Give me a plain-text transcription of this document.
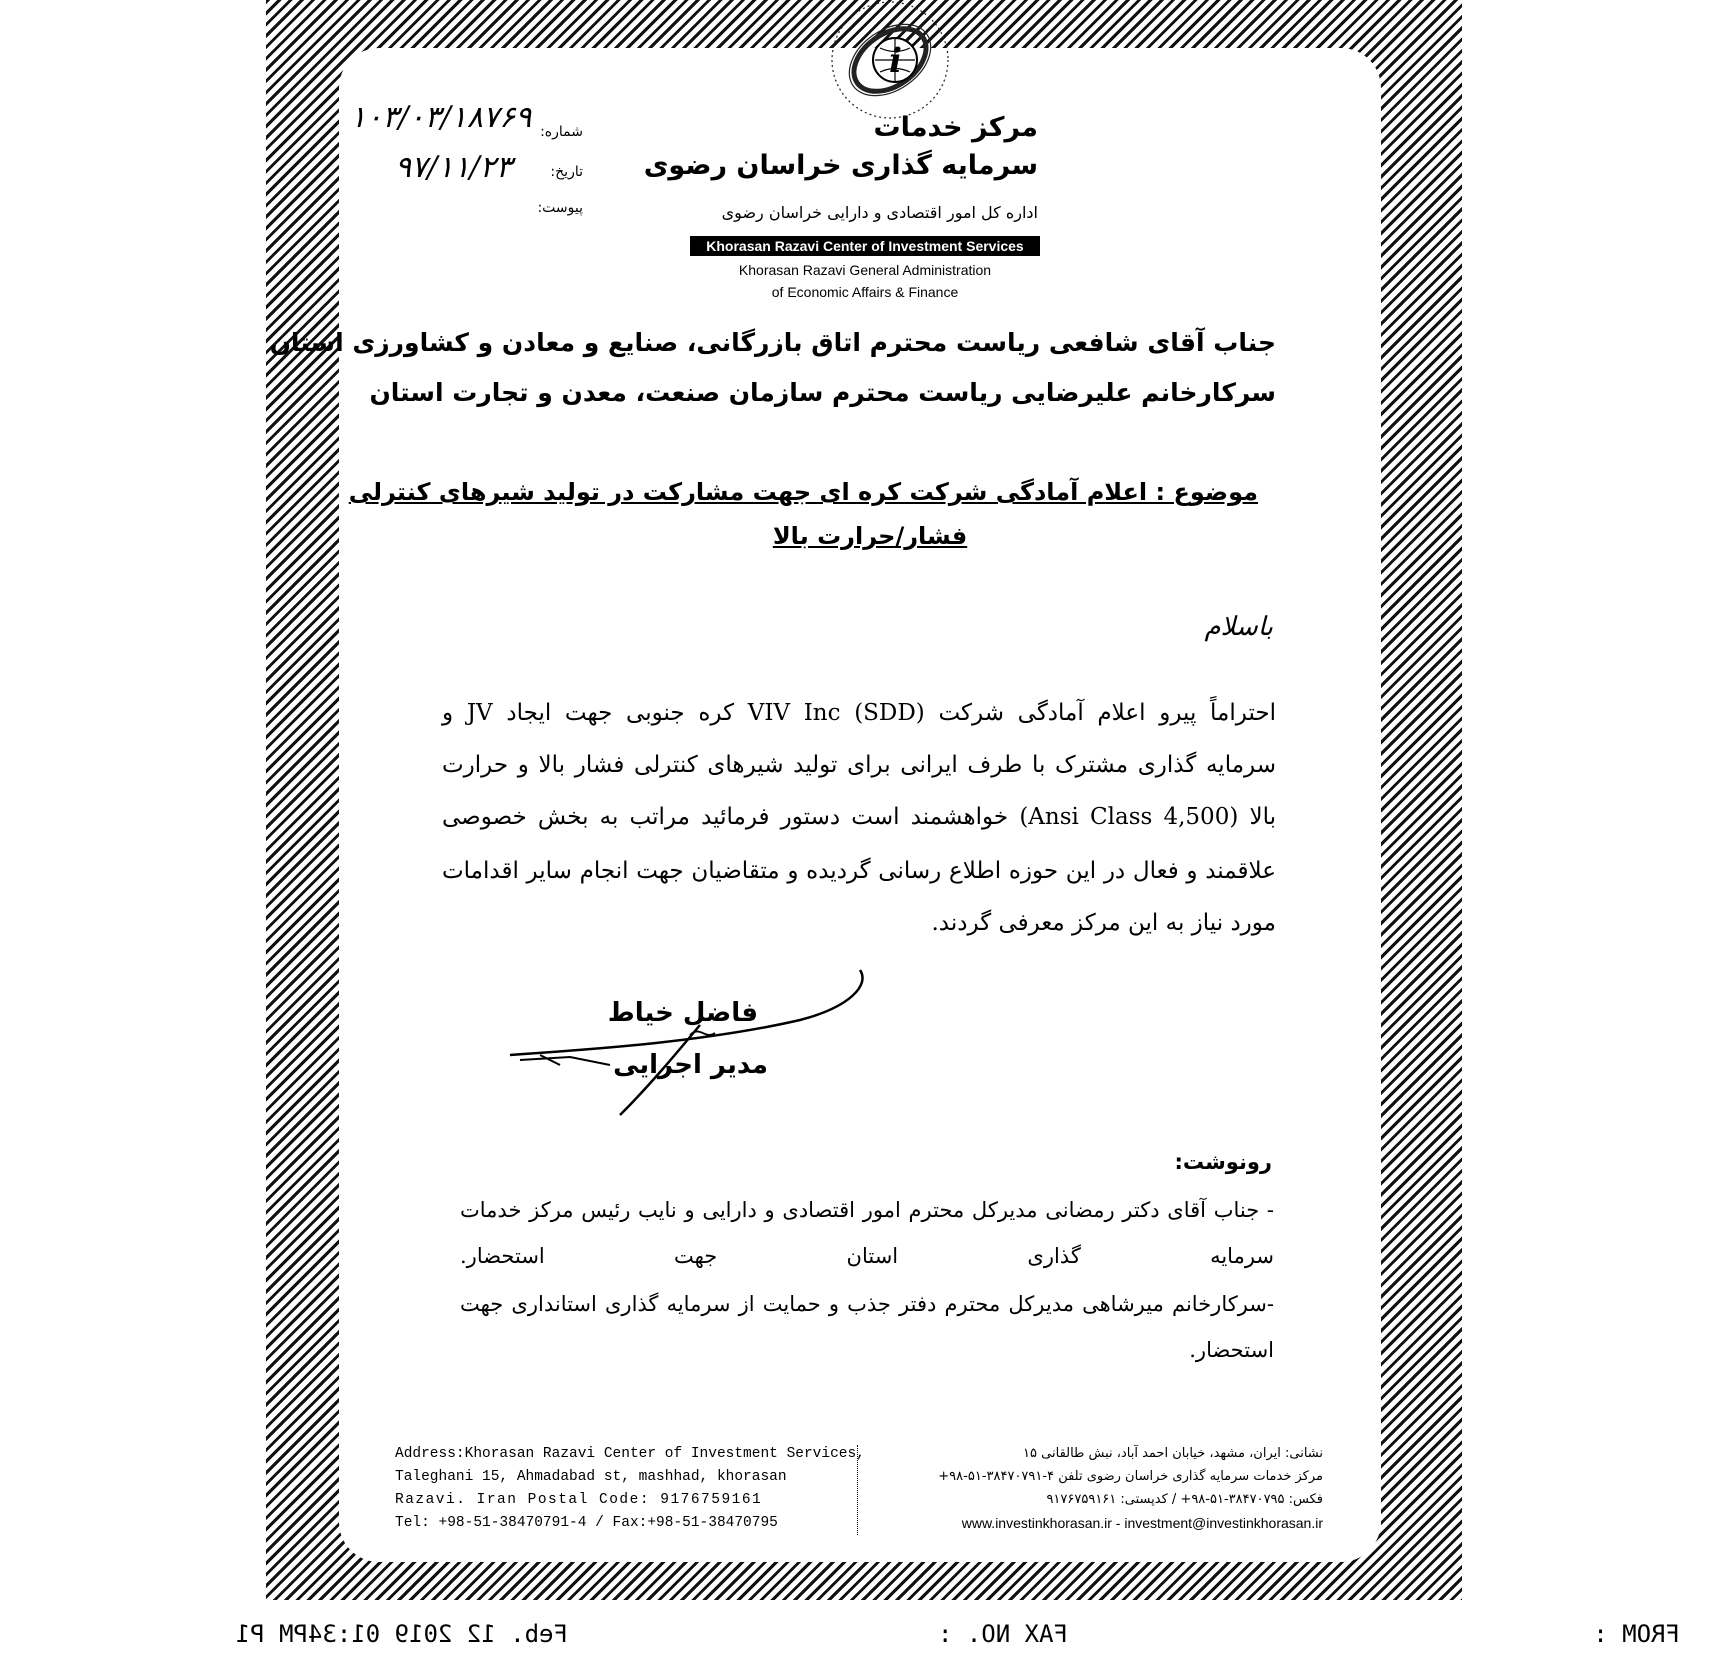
i
مرکز خدمات
سرمایه گذاری خراسان رضوی
اداره کل امور اقتصادی و دارایی خراسان رضوی
Khorasan Razavi Center of Investment Services
Khorasan Razavi General Administration
of Economic Affairs & Finance
شماره:
۱۰۳/۰۳/۱۸۷۶۹
تاریخ:
۹۷/۱۱/۲۳
پیوست:
جناب آقای شافعی ریاست محترم اتاق بازرگانی، صنایع و معادن و کشاورزی استان
سرکارخانم علیرضایی ریاست محترم سازمان صنعت، معدن و تجارت استان
موضوع : اعلام آمادگی شرکت کره ای جهت مشارکت در تولید شیرهای کنترلی
فشار/حرارت بالا
باسلام
احتراماً پیرو اعلام آمادگی شرکت VIV Inc (SDD) کره جنوبی جهت ایجاد JV و
سرمایه گذاری مشترک با طرف ایرانی برای تولید شیرهای کنترلی فشار بالا و حرارت
بالا (Ansi Class 4,500) خواهشمند است دستور فرمائید مراتب به بخش خصوصی
علاقمند و فعال در این حوزه اطلاع رسانی گردیده و متقاضیان جهت انجام سایر اقدامات
مورد نیاز به این مرکز معرفی گردند.
فاضل خیاط
مدیر اجرایی
رونوشت:
- جناب آقای دکتر رمضانی مدیرکل محترم امور اقتصادی و دارایی و نایب رئیس مرکز خدمات
سرمایه گذاری استان جهت استحضار.
-سرکارخانم میرشاهی مدیرکل محترم دفتر جذب و حمایت از سرمایه گذاری استانداری جهت
استحضار.
Address:Khorasan Razavi Center of Investment Services,
Taleghani 15, Ahmadabad st, mashhad, khorasan
Razavi. Iran Postal Code: 9176759161
Tel: +98-51-38470791-4 / Fax:+98-51-38470795
نشانی: ایران، مشهد، خیابان احمد آباد، نبش طالقانی ۱۵
مرکز خدمات سرمایه گذاری خراسان رضوی تلفن ۴-۳۸۴۷۰۷۹۱-۵۱-۹۸+
فکس: ۳۸۴۷۰۷۹۵-۵۱-۹۸+ / کدپستی: ۹۱۷۶۷۵۹۱۶۱
www.investinkhorasan.ir - investment@investinkhorasan.ir
FROM :
FAX NO. :
Feb. 12 2019 01:34PM P1
